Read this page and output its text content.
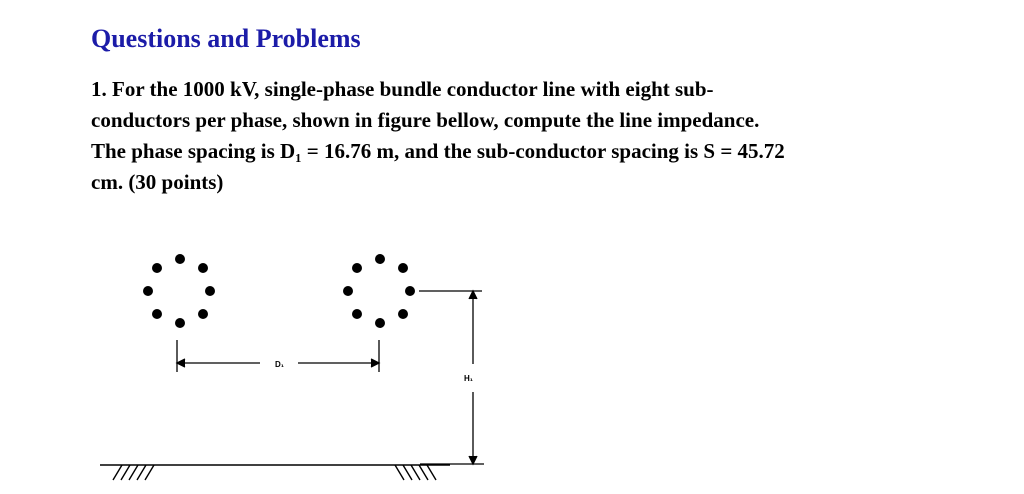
Questions and Problems
1. For the 1000 kV, single-phase bundle conductor line with eight sub-
conductors per phase, shown in figure bellow, compute the line impedance.
The phase spacing is D₁ = 16.76 m, and the sub-conductor spacing is S = 45.72
cm. (30 points)
D₁
H₁
